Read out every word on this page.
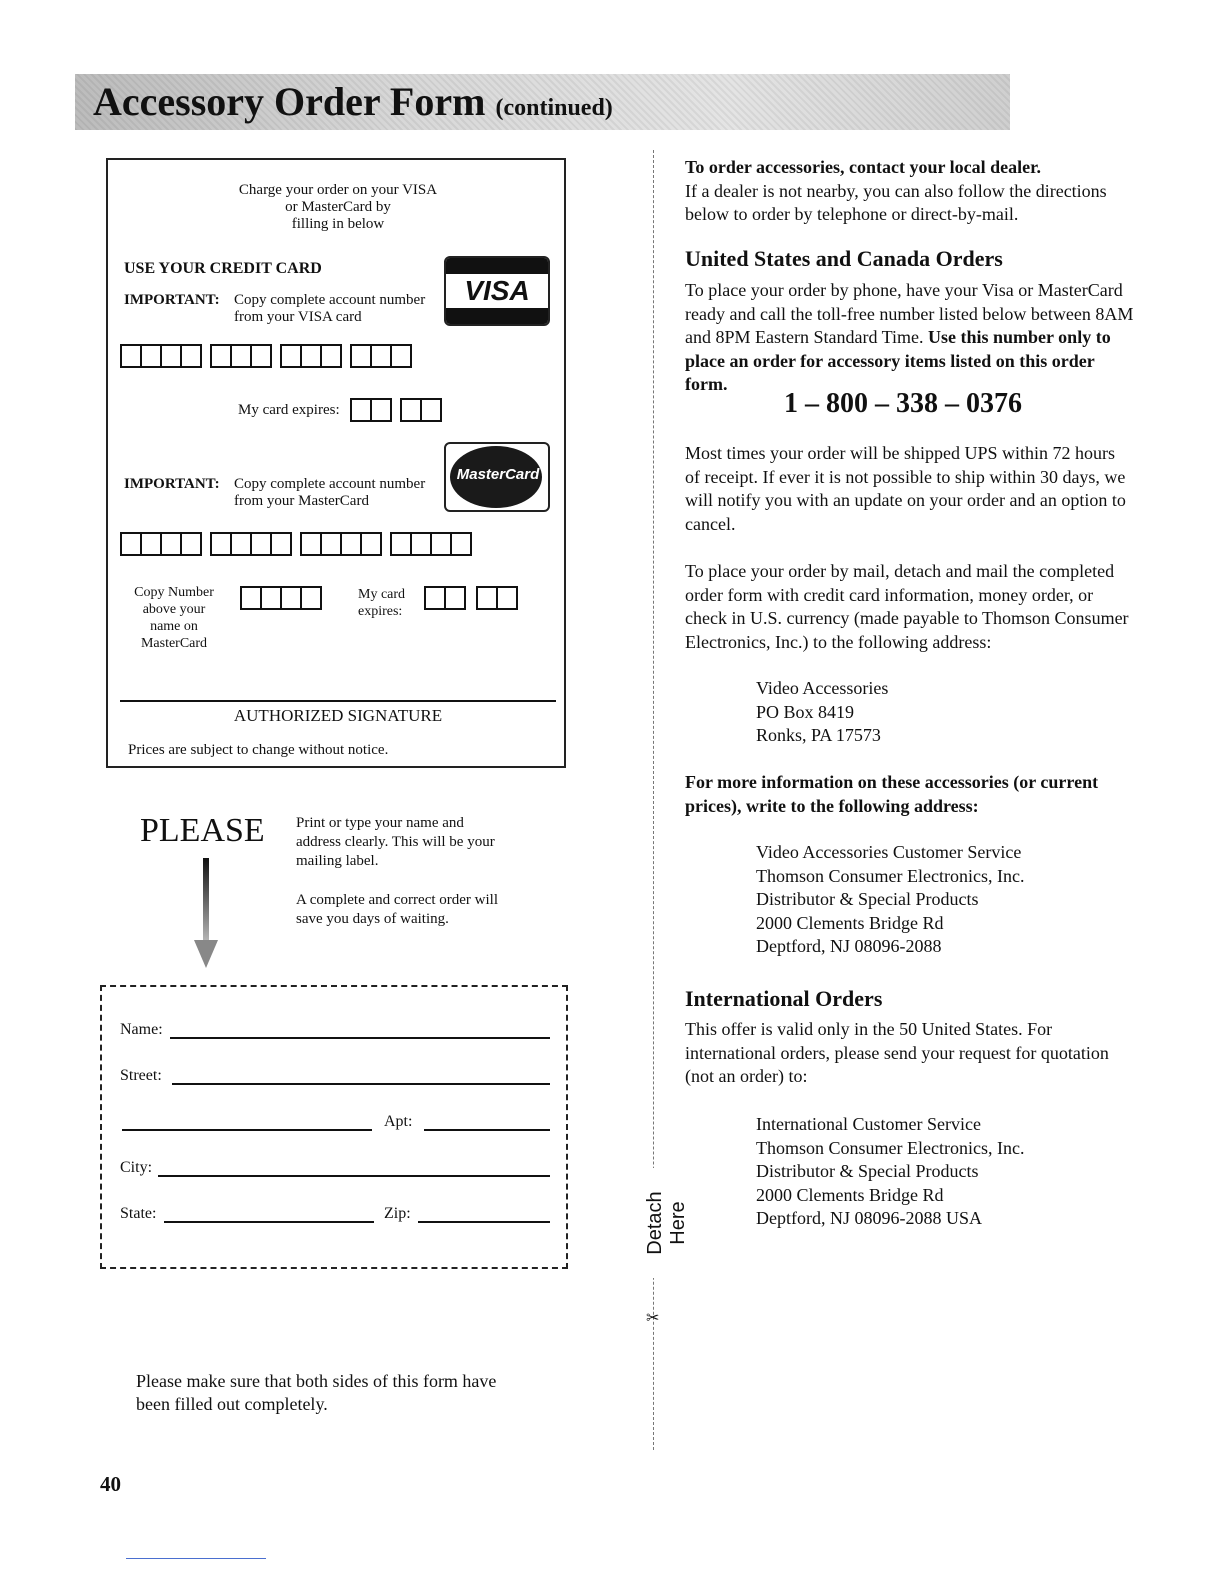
Accessory Order Form (continued)
Charge your order on your VISA
or MasterCard by
filling in below
USE YOUR CREDIT CARD
IMPORTANT: Copy complete account number
from your VISA card
VISA
My card expires:
IMPORTANT: Copy complete account number
from your MasterCard
MasterCard
Copy Number
above your
name on
MasterCard
My card
expires:
AUTHORIZED SIGNATURE
Prices are subject to change without notice.
PLEASE Print or type your name and
address clearly. This will be your
mailing label.
A complete and correct order will
save you days of waiting.
Name:
Street:
Apt:
City:
State:	Zip:
Please make sure that both sides of this form have
been filled out completely.
40
Detach Here
✂
To order accessories, contact your local dealer.
If a dealer is not nearby, you can also follow the directions
below to order by telephone or direct-by-mail.
United States and Canada Orders
To place your order by phone, have your Visa or MasterCard
ready and call the toll-free number listed below between 8AM
and 8PM Eastern Standard Time. Use this number only to
place an order for accessory items listed on this order
form.
1 – 800 – 338 – 0376
Most times your order will be shipped UPS within 72 hours
of receipt. If ever it is not possible to ship within 30 days, we
will notify you with an update on your order and an option to
cancel.
To place your order by mail, detach and mail the completed
order form with credit card information, money order, or
check in U.S. currency (made payable to Thomson Consumer
Electronics, Inc.) to the following address:
Video Accessories
PO Box 8419
Ronks, PA 17573
For more information on these accessories (or current
prices), write to the following address:
Video Accessories Customer Service
Thomson Consumer Electronics, Inc.
Distributor & Special Products
2000 Clements Bridge Rd
Deptford, NJ 08096-2088
International Orders
This offer is valid only in the 50 United States. For
international orders, please send your request for quotation
(not an order) to:
International Customer Service
Thomson Consumer Electronics, Inc.
Distributor & Special Products
2000 Clements Bridge Rd
Deptford, NJ 08096-2088 USA
